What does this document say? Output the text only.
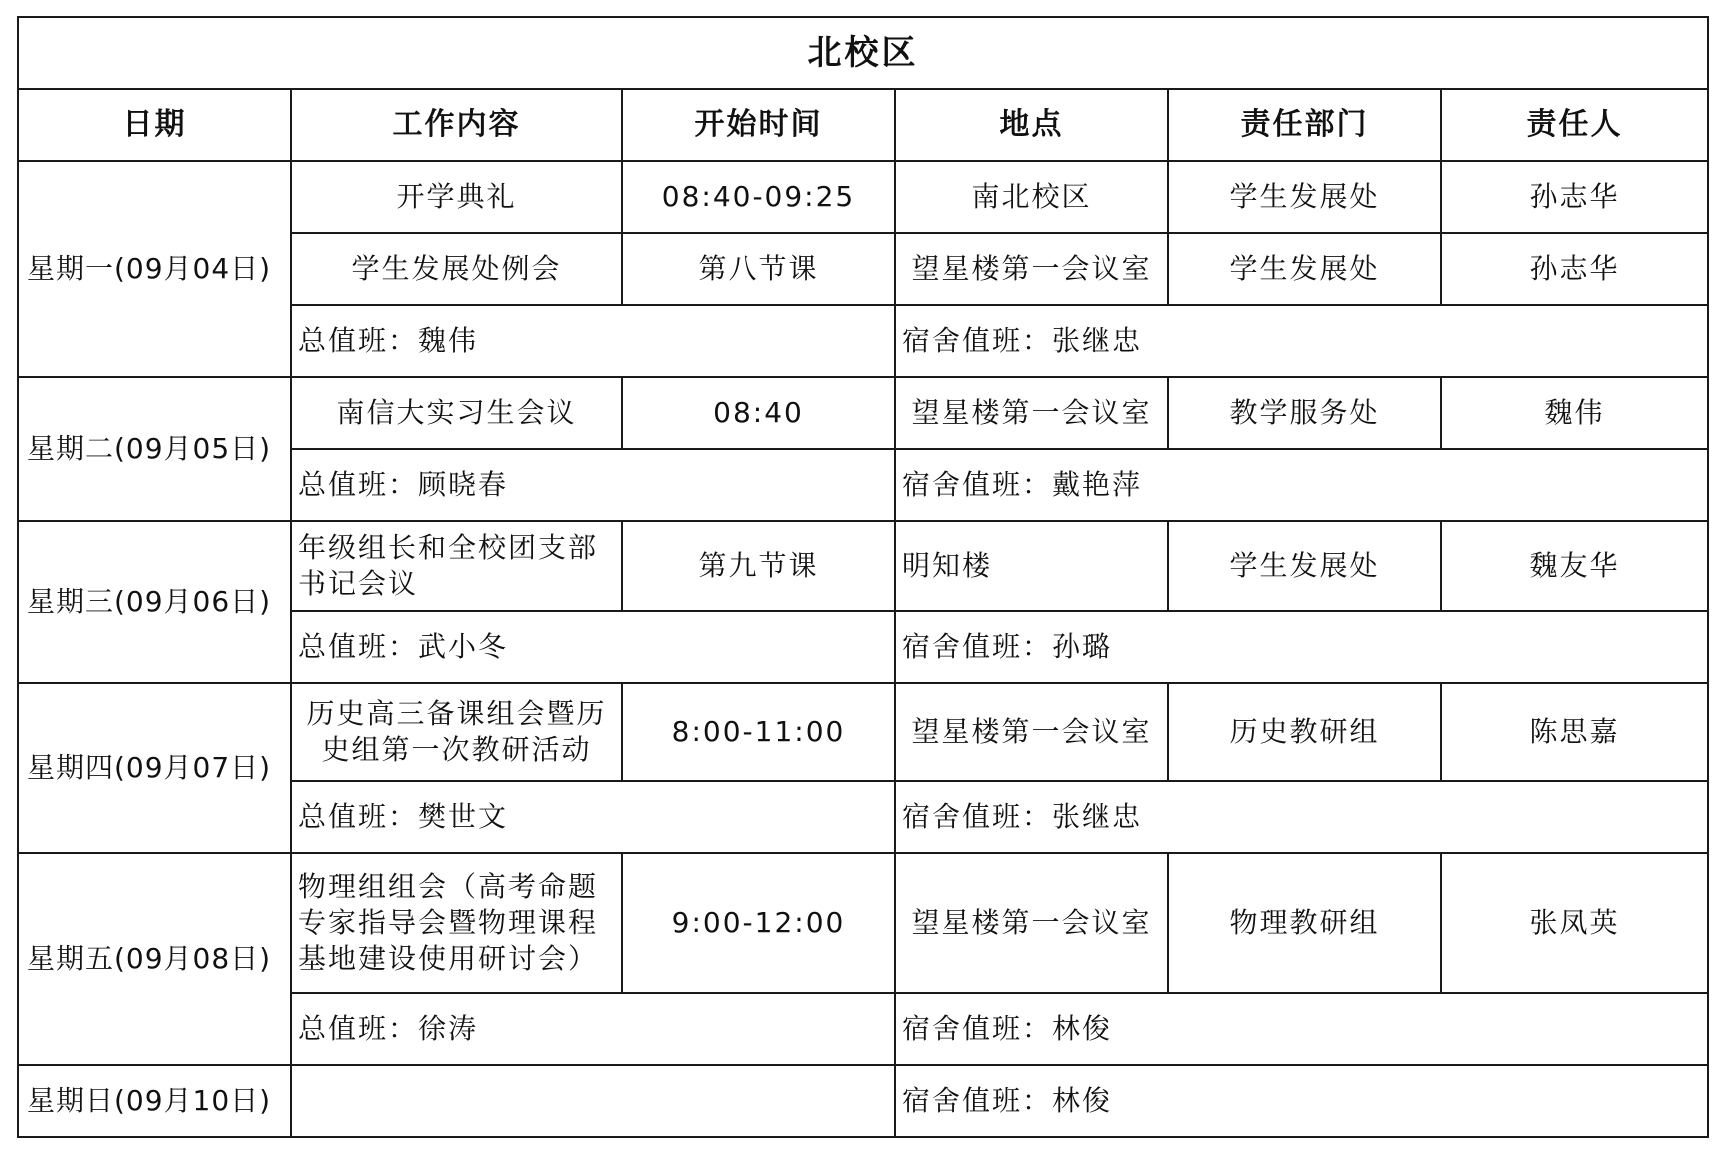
北校区					
日期	工作内容	开始时间	地点	责任部门	责任人
星期一(09月04日)	开学典礼	08:40-09:25	南北校区	学生发展处	孙志华
	学生发展处例会	第八节课	望星楼第一会议室	学生发展处	孙志华
	总值班：魏伟		宿舍值班：张继忠		
星期二(09月05日)	南信大实习生会议	08:40	望星楼第一会议室	教学服务处	魏伟
	总值班：顾晓春		宿舍值班：戴艳萍		
星期三(09月06日)	年级组长和全校团支部书记会议	第九节课	明知楼	学生发展处	魏友华
	总值班：武小冬		宿舍值班：孙璐		
星期四(09月07日)	历史高三备课组会暨历史组第一次教研活动	8:00-11:00	望星楼第一会议室	历史教研组	陈思嘉
	总值班：樊世文		宿舍值班：张继忠		
星期五(09月08日)	物理组组会（高考命题专家指导会暨物理课程基地建设使用研讨会）	9:00-12:00	望星楼第一会议室	物理教研组	张凤英
	总值班：徐涛		宿舍值班：林俊		
星期日(09月10日)			宿舍值班：林俊		
